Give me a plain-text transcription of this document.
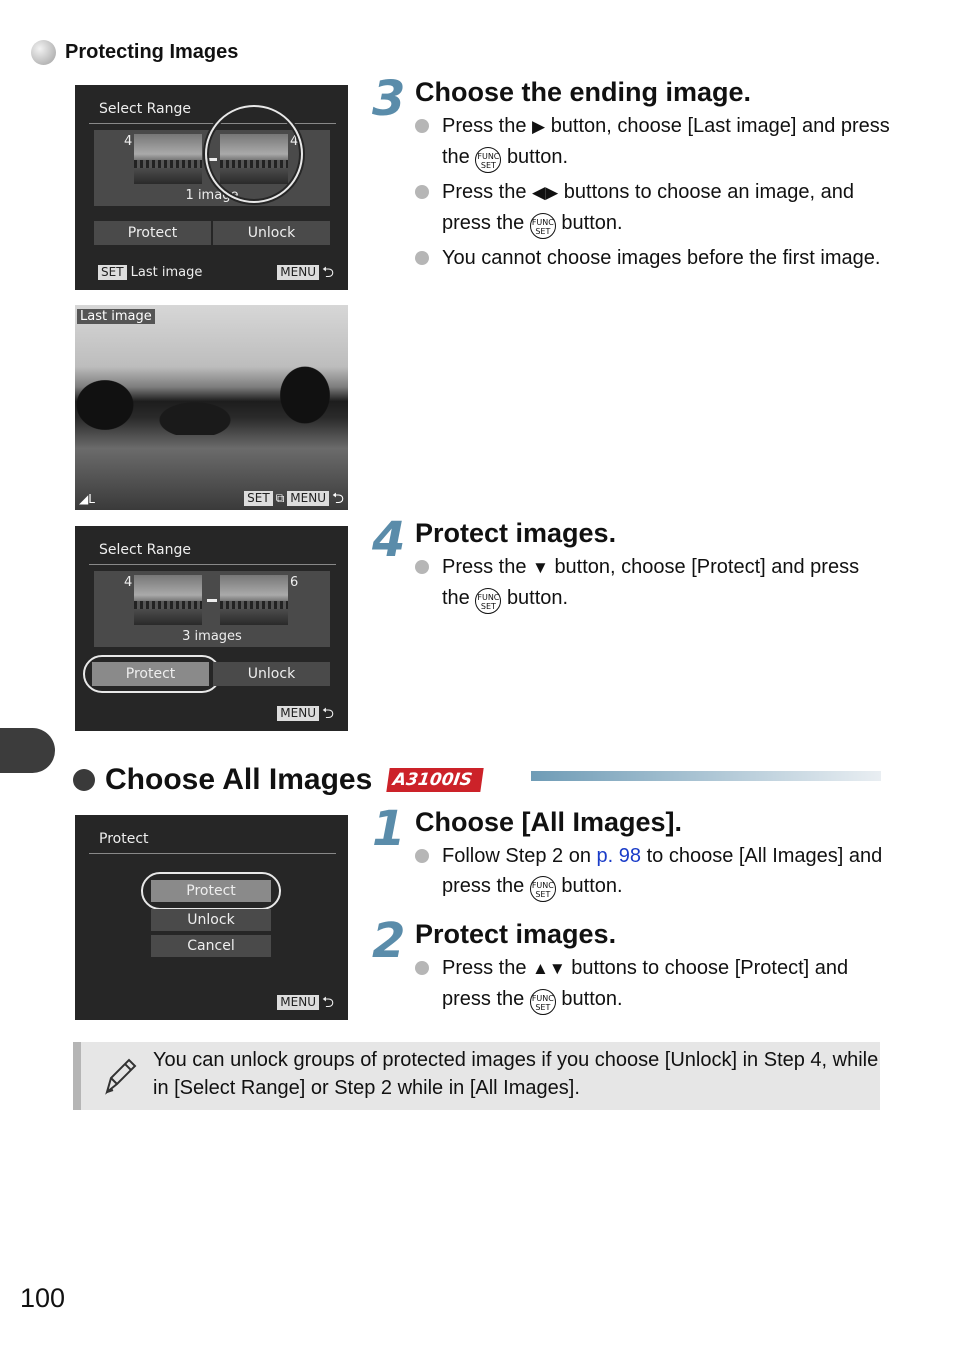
Protecting Images
Select Range
4	4
1 image
Protect	Unlock
SET Last image	MENU ⮌
Last image
◢L	SET ⧉ MENU ⮌
Select Range
4	6
3 images
Protect	Unlock
MENU ⮌
Choose All Images	A3100IS
Protect
Protect
Unlock
Cancel
MENU ⮌
3 Choose the ending image.
Press the ▶ button, choose [Last image] and press the FUNC
SET button.
Press the ◀▶ buttons to choose an image, and press the FUNC
SET button.
You cannot choose images before the first image.
4 Protect images.
Press the ▼ button, choose [Protect] and press the FUNC
SET button.
1 Choose [All Images].
Follow Step 2 on p. 98 to choose [All Images] and press the FUNC
SET button.
2 Protect images.
Press the ▲▼ buttons to choose [Protect] and press the FUNC
SET button.
You can unlock groups of protected images if you choose [Unlock] in Step 4, while in [Select Range] or Step 2 while in [All Images].
100
